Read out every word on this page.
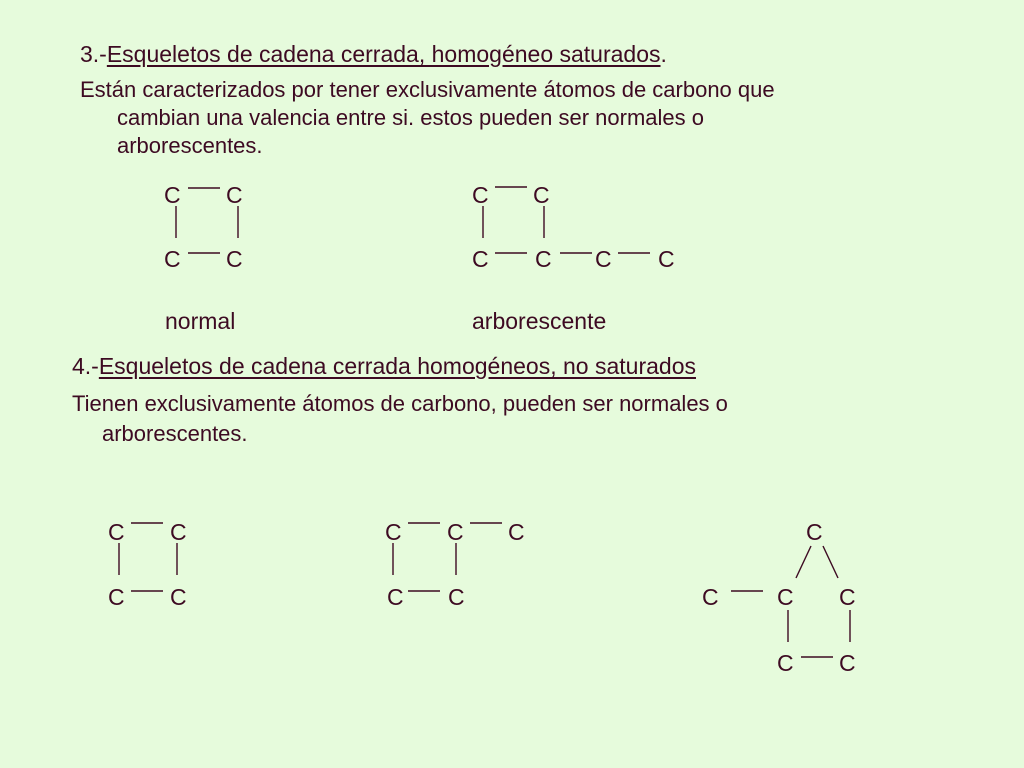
3.-Esqueletos de cadena cerrada, homogéneo saturados.
Están caracterizados por tener exclusivamente átomos de carbono que
cambian una valencia entre si. estos pueden ser normales o
arborescentes.
C C
C C
normal
C C
C C C C
arborescente
4.-Esqueletos de cadena cerrada homogéneos, no saturados
Tienen exclusivamente átomos de carbono, pueden ser normales o
arborescentes.
C C
C C
C C C
C C
C
C	C C
C C
